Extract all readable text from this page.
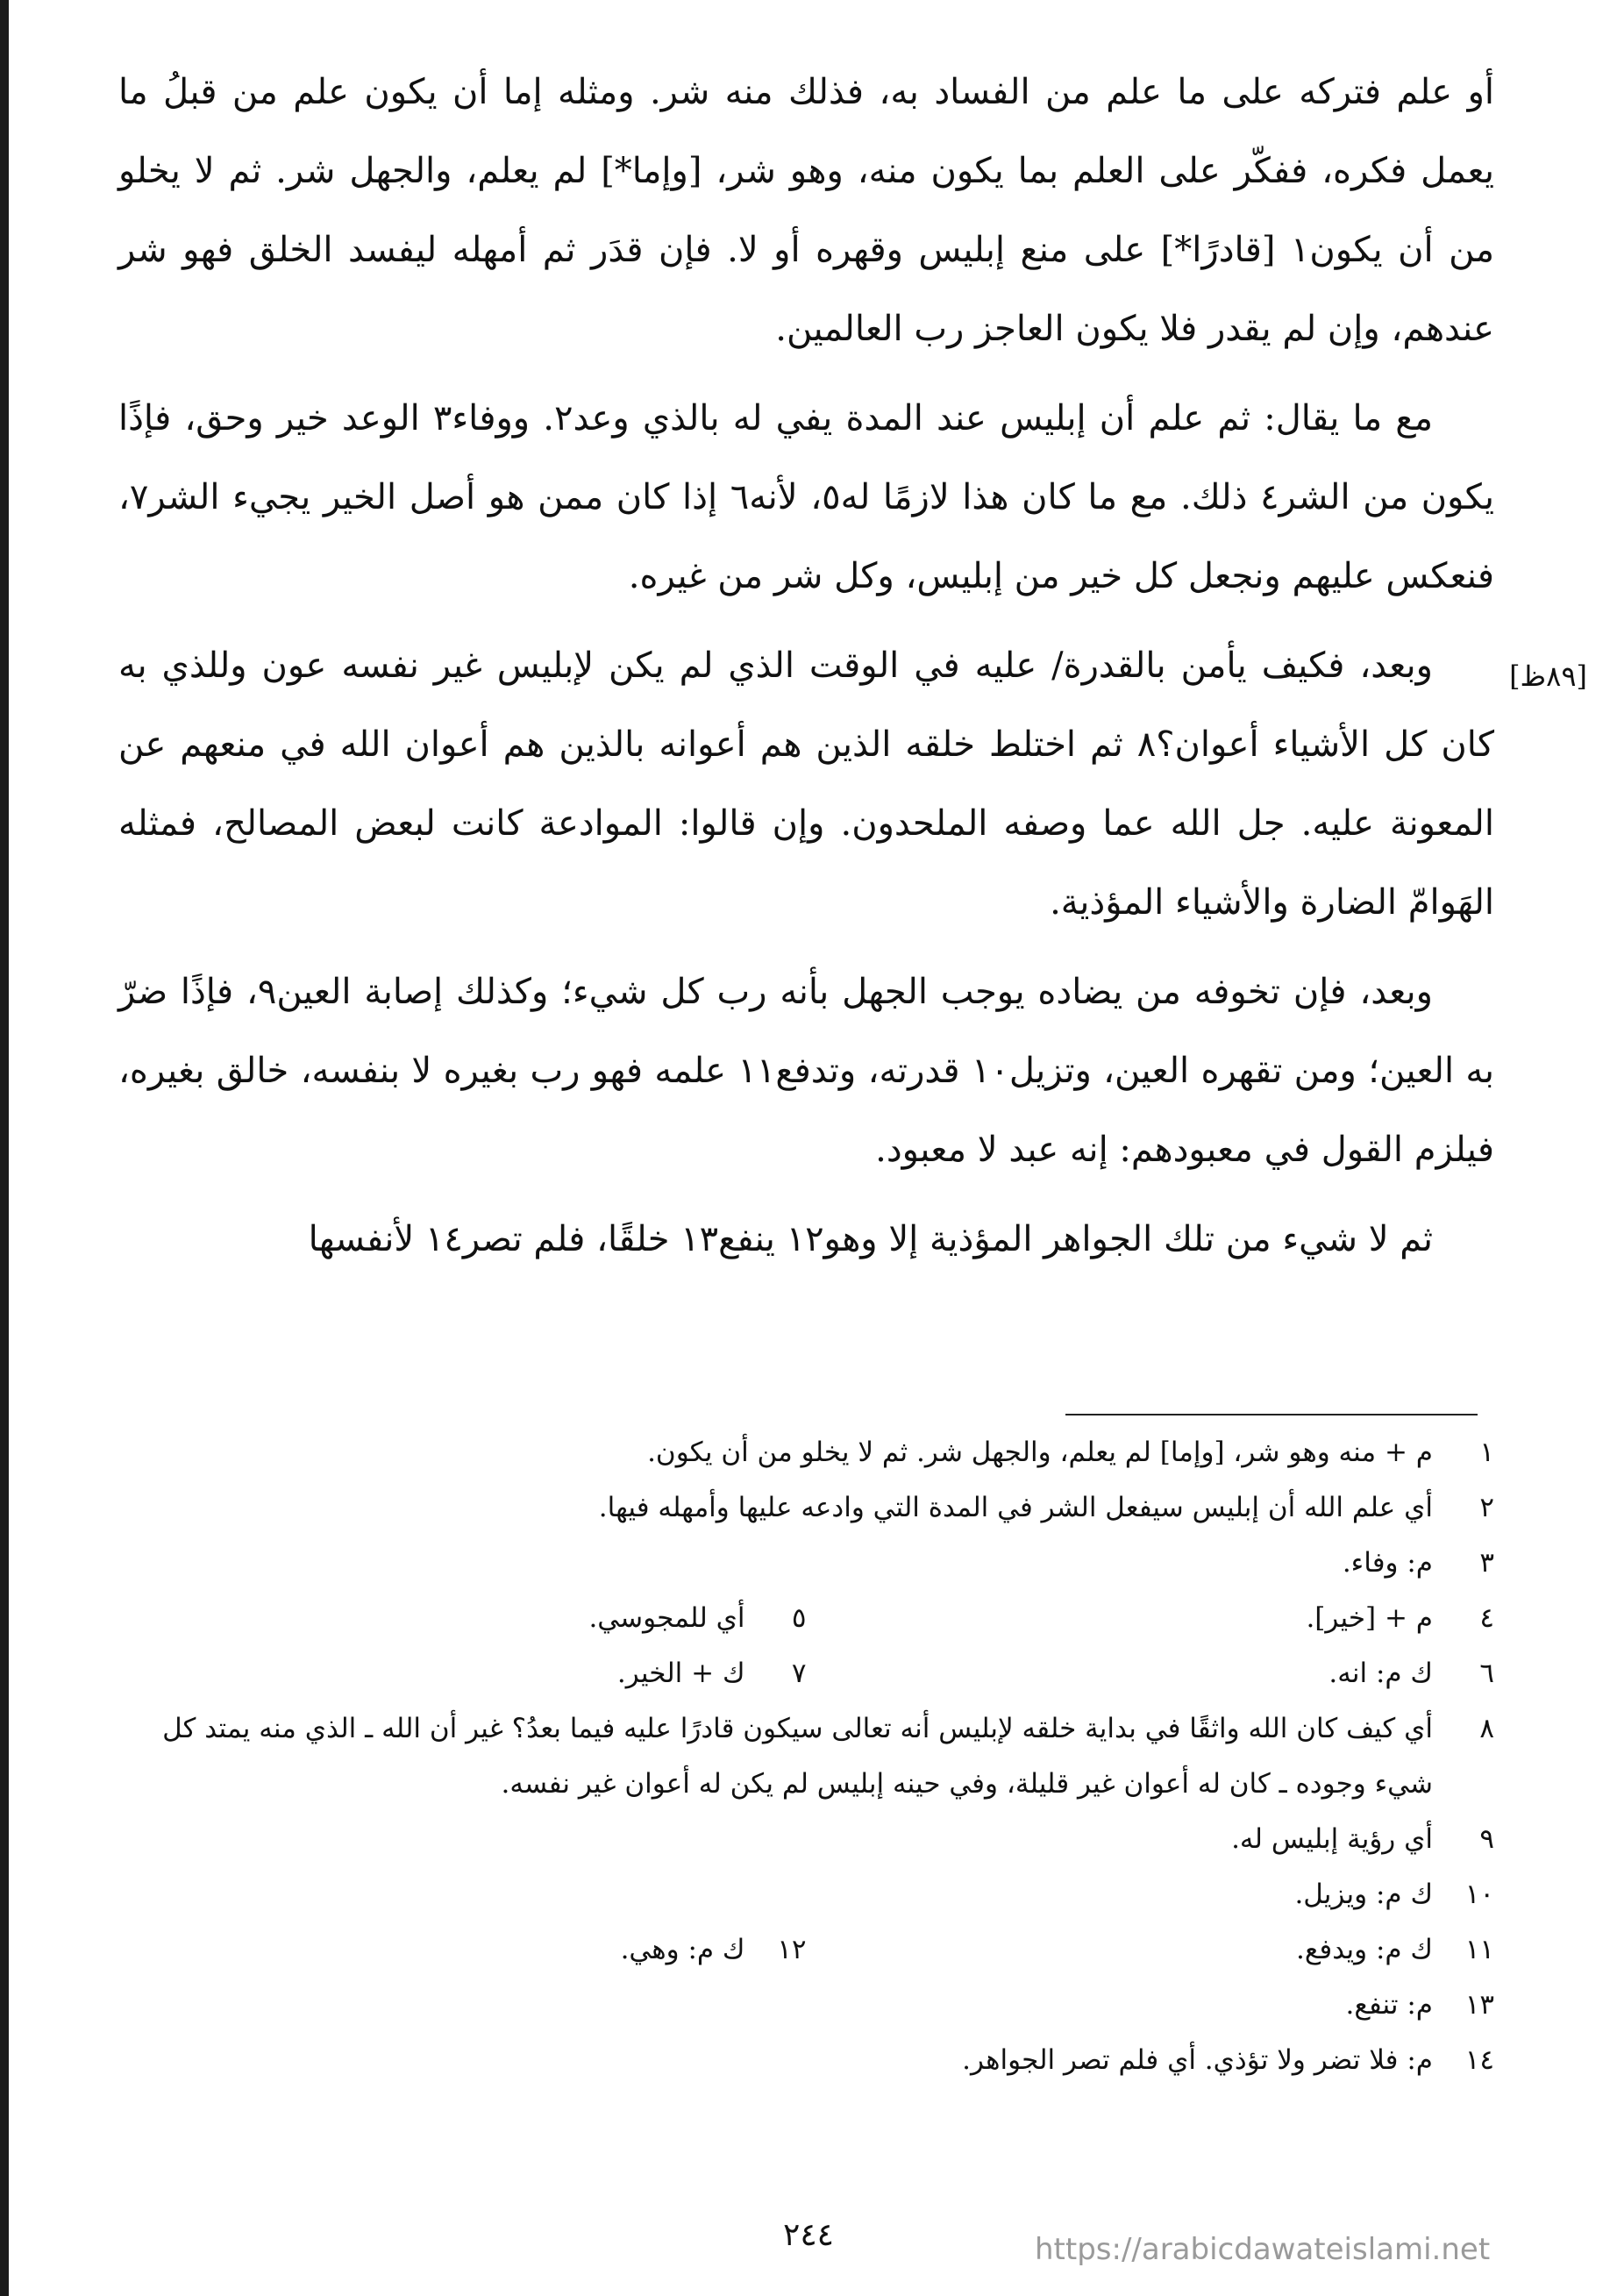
أو علم فتركه على ما علم من الفساد به، فذلك منه شر. ومثله إما أن يكون علم من قبلُ ما يعمل فكره، ففكّر على العلم بما يكون منه، وهو شر، [وإما*] لم يعلم، والجهل شر. ثم لا يخلو من أن يكون١ [قادرًا*] على منع إبليس وقهره أو لا. فإن قدَر ثم أمهله ليفسد الخلق فهو شر عندهم، وإن لم يقدر فلا يكون العاجز رب العالمين.

مع ما يقال: ثم علم أن إبليس عند المدة يفي له بالذي وعد٢. ووفاء٣ الوعد خير وحق، فإذًا يكون من الشر٤ ذلك. مع ما كان هذا لازمًا له٥، لأنه٦ إذا كان ممن هو أصل الخير يجيء الشر٧، فنعكس عليهم ونجعل كل خير من إبليس، وكل شر من غيره.

وبعد، فكيف يأمن بالقدرة/ عليه في الوقت الذي لم يكن لإبليس غير نفسه عون وللذي به كان كل الأشياء أعوان؟٨ ثم اختلط خلقه الذين هم أعوانه بالذين هم أعوان الله في منعهم عن المعونة عليه. جل الله عما وصفه الملحدون. وإن قالوا: الموادعة كانت لبعض المصالح، فمثله الهَوامّ الضارة والأشياء المؤذية.

وبعد، فإن تخوفه من يضاده يوجب الجهل بأنه رب كل شيء؛ وكذلك إصابة العين٩، فإذًا ضرّ به العين؛ ومن تقهره العين، وتزيل١٠ قدرته، وتدفع١١ علمه فهو رب بغيره لا بنفسه، خالق بغيره، فيلزم القول في معبودهم: إنه عبد لا معبود.

ثم لا شيء من تلك الجواهر المؤذية إلا وهو١٢ ينفع١٣ خلقًا، فلم تصر١٤ لأنفسها

[٨٩ظ]
١
م + منه وهو شر، [وإما] لم يعلم، والجهل شر. ثم لا يخلو من أن يكون.
٢
أي علم الله أن إبليس سيفعل الشر في المدة التي وادعه عليها وأمهله فيها.
٣
م: وفاء.
٤
م + [خير].
٥
أي للمجوسي.
٦
ك م: انه.
٧
ك + الخير.
٨
أي كيف كان الله واثقًا في بداية خلقه لإبليس أنه تعالى سيكون قادرًا عليه فيما بعدُ؟ غير أن الله ـ الذي منه يمتد كل شيء وجوده ـ كان له أعوان غير قليلة، وفي حينه إبليس لم يكن له أعوان غير نفسه.
٩
أي رؤية إبليس له.
١٠
ك م: ويزيل.
١١
ك م: ويدفع.
١٢
ك م: وهي.
١٣
م: تنفع.
١٤
م: فلا تضر ولا تؤذي. أي فلم تصر الجواهر.
٢٤٤	https://arabicdawateislami.net
